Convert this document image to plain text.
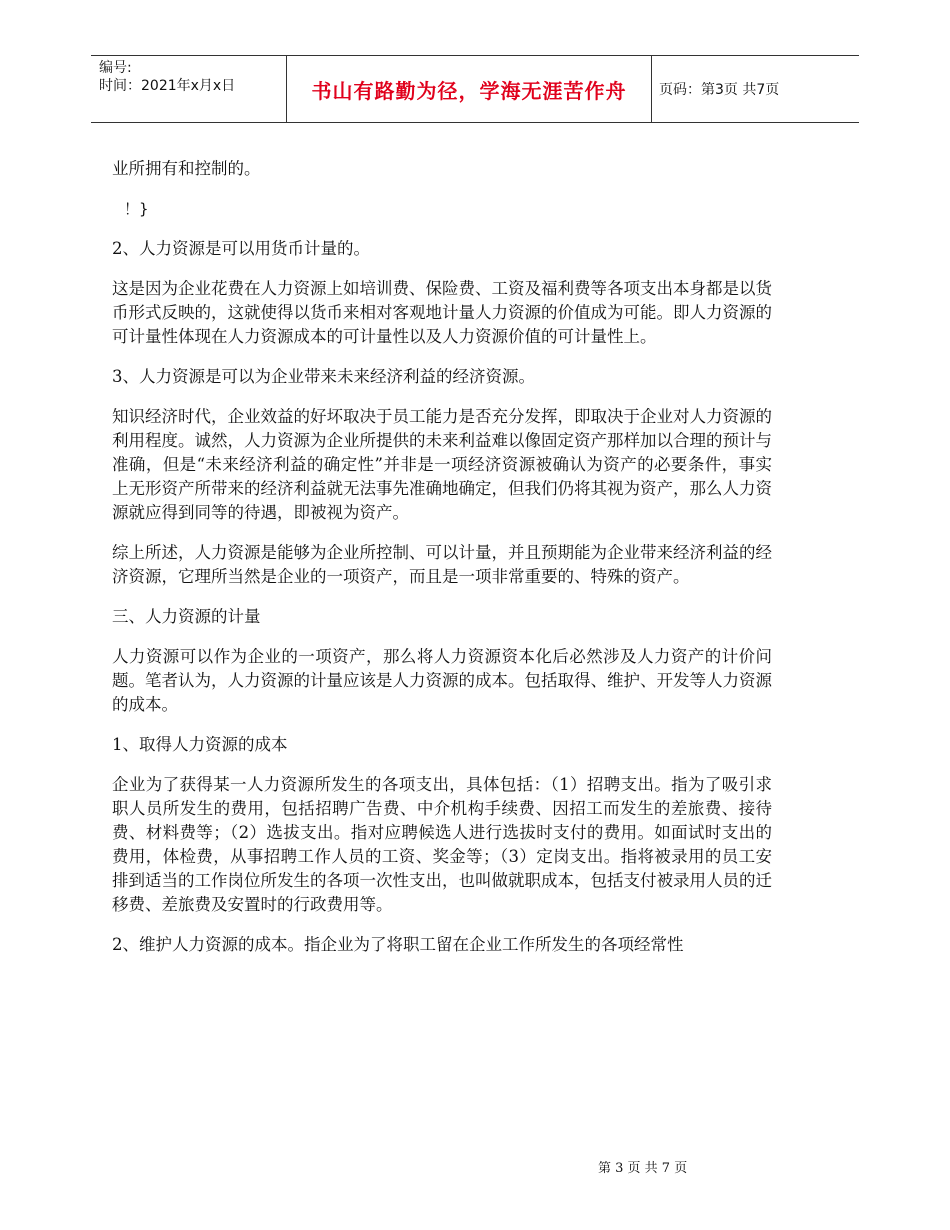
编号:
时间：2021年x月x日	书山有路勤为径，学海无涯苦作舟	页码：第3页 共7页

业所拥有和控制的。

！}

2、人力资源是可以用货币计量的。

这是因为企业花费在人力资源上如培训费、保险费、工资及福利费等各项支出本身都是以货币形式反映的，这就使得以货币来相对客观地计量人力资源的价值成为可能。即人力资源的可计量性体现在人力资源成本的可计量性以及人力资源价值的可计量性上。

3、人力资源是可以为企业带来未来经济利益的经济资源。

知识经济时代，企业效益的好坏取决于员工能力是否充分发挥，即取决于企业对人力资源的利用程度。诚然，人力资源为企业所提供的未来利益难以像固定资产那样加以合理的预计与准确，但是“未来经济利益的确定性”并非是一项经济资源被确认为资产的必要条件，事实上无形资产所带来的经济利益就无法事先准确地确定，但我们仍将其视为资产，那么人力资源就应得到同等的待遇，即被视为资产。

综上所述，人力资源是能够为企业所控制、可以计量，并且预期能为企业带来经济利益的经济资源，它理所当然是企业的一项资产，而且是一项非常重要的、特殊的资产。

三、人力资源的计量

人力资源可以作为企业的一项资产，那么将人力资源资本化后必然涉及人力资产的计价问题。笔者认为，人力资源的计量应该是人力资源的成本。包括取得、维护、开发等人力资源的成本。

1、取得人力资源的成本

企业为了获得某一人力资源所发生的各项支出，具体包括：（1）招聘支出。指为了吸引求职人员所发生的费用，包括招聘广告费、中介机构手续费、因招工而发生的差旅费、接待费、材料费等；（2）选拔支出。指对应聘候选人进行选拔时支付的费用。如面试时支出的费用，体检费，从事招聘工作人员的工资、奖金等；（3）定岗支出。指将被录用的员工安排到适当的工作岗位所发生的各项一次性支出，也叫做就职成本，包括支付被录用人员的迁移费、差旅费及安置时的行政费用等。

2、维护人力资源的成本。指企业为了将职工留在企业工作所发生的各项经常性

第 3 页 共 7 页
